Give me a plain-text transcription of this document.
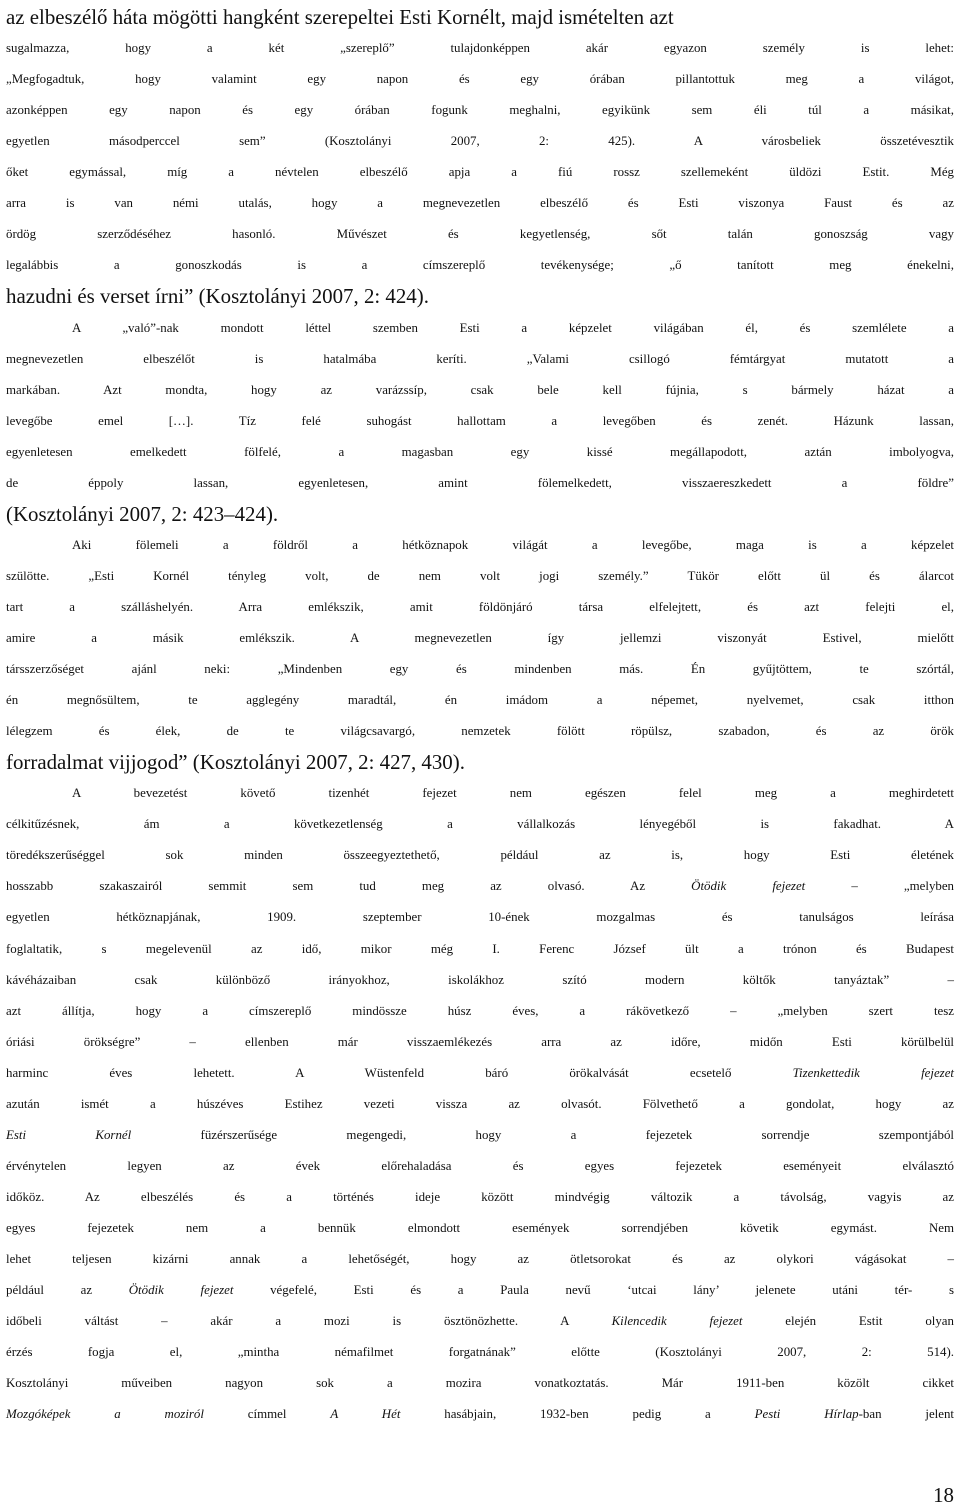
az elbeszélő háta mögötti hangként szerepeltei Esti Kornélt, majd ismételten azt
sugalmazza, hogy a két „szereplő” tulajdonképpen akár egyazon személy is lehet:
„Megfogadtuk, hogy valamint egy napon és egy órában pillantottuk meg a világot,
azonképpen egy napon és egy órában fogunk meghalni, egyikünk sem éli túl a másikat,
egyetlen másodperccel sem” (Kosztolányi 2007, 2: 425). A városbeliek összetévesztik
őket egymással, míg a névtelen elbeszélő apja a fiú rossz szellemeként üldözi Estit. Még
arra is van némi utalás, hogy a megnevezetlen elbeszélő és Esti viszonya Faust és az
ördög szerződéséhez hasonló. Művészet és kegyetlenség, sőt talán gonoszság vagy
legalábbis a gonoszkodás is a címszereplő tevékenysége; „ő tanított meg énekelni,
hazudni és verset írni” (Kosztolányi 2007, 2: 424).
A „való”-nak mondott léttel szemben Esti a képzelet világában él, és szemlélete a
megnevezetlen elbeszélőt is hatalmába keríti. „Valami csillogó fémtárgyat mutatott a
markában. Azt mondta, hogy az varázssíp, csak bele kell fújnia, s bármely házat a
levegőbe emel […]. Tíz felé suhogást hallottam a levegőben és zenét. Házunk lassan,
egyenletesen emelkedett fölfelé, a magasban egy kissé megállapodott, aztán imbolyogva,
de éppoly lassan, egyenletesen, amint fölemelkedett, visszaereszkedett a földre”
(Kosztolányi 2007, 2: 423–424).
Aki fölemeli a földről a hétköznapok világát a levegőbe, maga is a képzelet
szülötte. „Esti Kornél tényleg volt, de nem volt jogi személy.” Tükör előtt ül és álarcot
tart a szálláshelyén. Arra emlékszik, amit földönjáró társa elfelejtett, és azt felejti el,
amire a másik emlékszik. A megnevezetlen így jellemzi viszonyát Estivel, mielőtt
társszerzőséget ajánl neki: „Mindenben egy és mindenben más. Én gyűjtöttem, te szórtál,
én megnősültem, te agglegény maradtál, én imádom a népemet, nyelvemet, csak itthon
lélegzem és élek, de te világcsavargó, nemzetek fölött röpülsz, szabadon, és az örök
forradalmat vijjogod” (Kosztolányi 2007, 2: 427, 430).
A bevezetést követő tizenhét fejezet nem egészen felel meg a meghirdetett
célkitűzésnek, ám a következetlenség a vállalkozás lényegéből is fakadhat. A
töredékszerűséggel sok minden összeegyeztethető, például az is, hogy Esti életének
hosszabb szakaszairól semmit sem tud meg az olvasó. Az Ötödik fejezet – „melyben
egyetlen hétköznapjának, 1909. szeptember 10-ének mozgalmas és tanulságos leírása
foglaltatik, s megelevenül az idő, mikor még I. Ferenc József ült a trónon és Budapest
kávéházaiban csak különböző irányokhoz, iskolákhoz szító modern költők tanyáztak” –
azt állítja, hogy a címszereplő mindössze húsz éves, a rákövetkező – „melyben szert tesz
óriási örökségre” – ellenben már visszaemlékezés arra az időre, midőn Esti körülbelül
harminc éves lehetett. A Wüstenfeld báró örökalvását ecsetelő Tizenkettedik fejezet
azután ismét a húszéves Estihez vezeti vissza az olvasót. Fölvethető a gondolat, hogy az
Esti Kornél füzérszerűsége megengedi, hogy a fejezetek sorrendje szempontjából
érvénytelen legyen az évek előrehaladása és egyes fejezetek eseményeit elválasztó
időköz. Az elbeszélés és a történés ideje között mindvégig változik a távolság, vagyis az
egyes fejezetek nem a bennük elmondott események sorrendjében követik egymást. Nem
lehet teljesen kizárni annak a lehetőségét, hogy az ötletsorokat és az olykori vágásokat –
például az Ötödik fejezet végefelé, Esti és a Paula nevű ‘utcai lány’ jelenete utáni tér- s
időbeli váltást – akár a mozi is ösztönözhette. A Kilencedik fejezet elején Estit olyan
érzés fogja el, „mintha némafilmet forgatnának” előtte (Kosztolányi 2007, 2: 514).
Kosztolányi műveiben nagyon sok a mozira vonatkoztatás. Már 1911-ben közölt cikket
Mozgóképek a moziról címmel A Hét hasábjain, 1932-ben pedig a Pesti Hírlap-ban jelent
18
